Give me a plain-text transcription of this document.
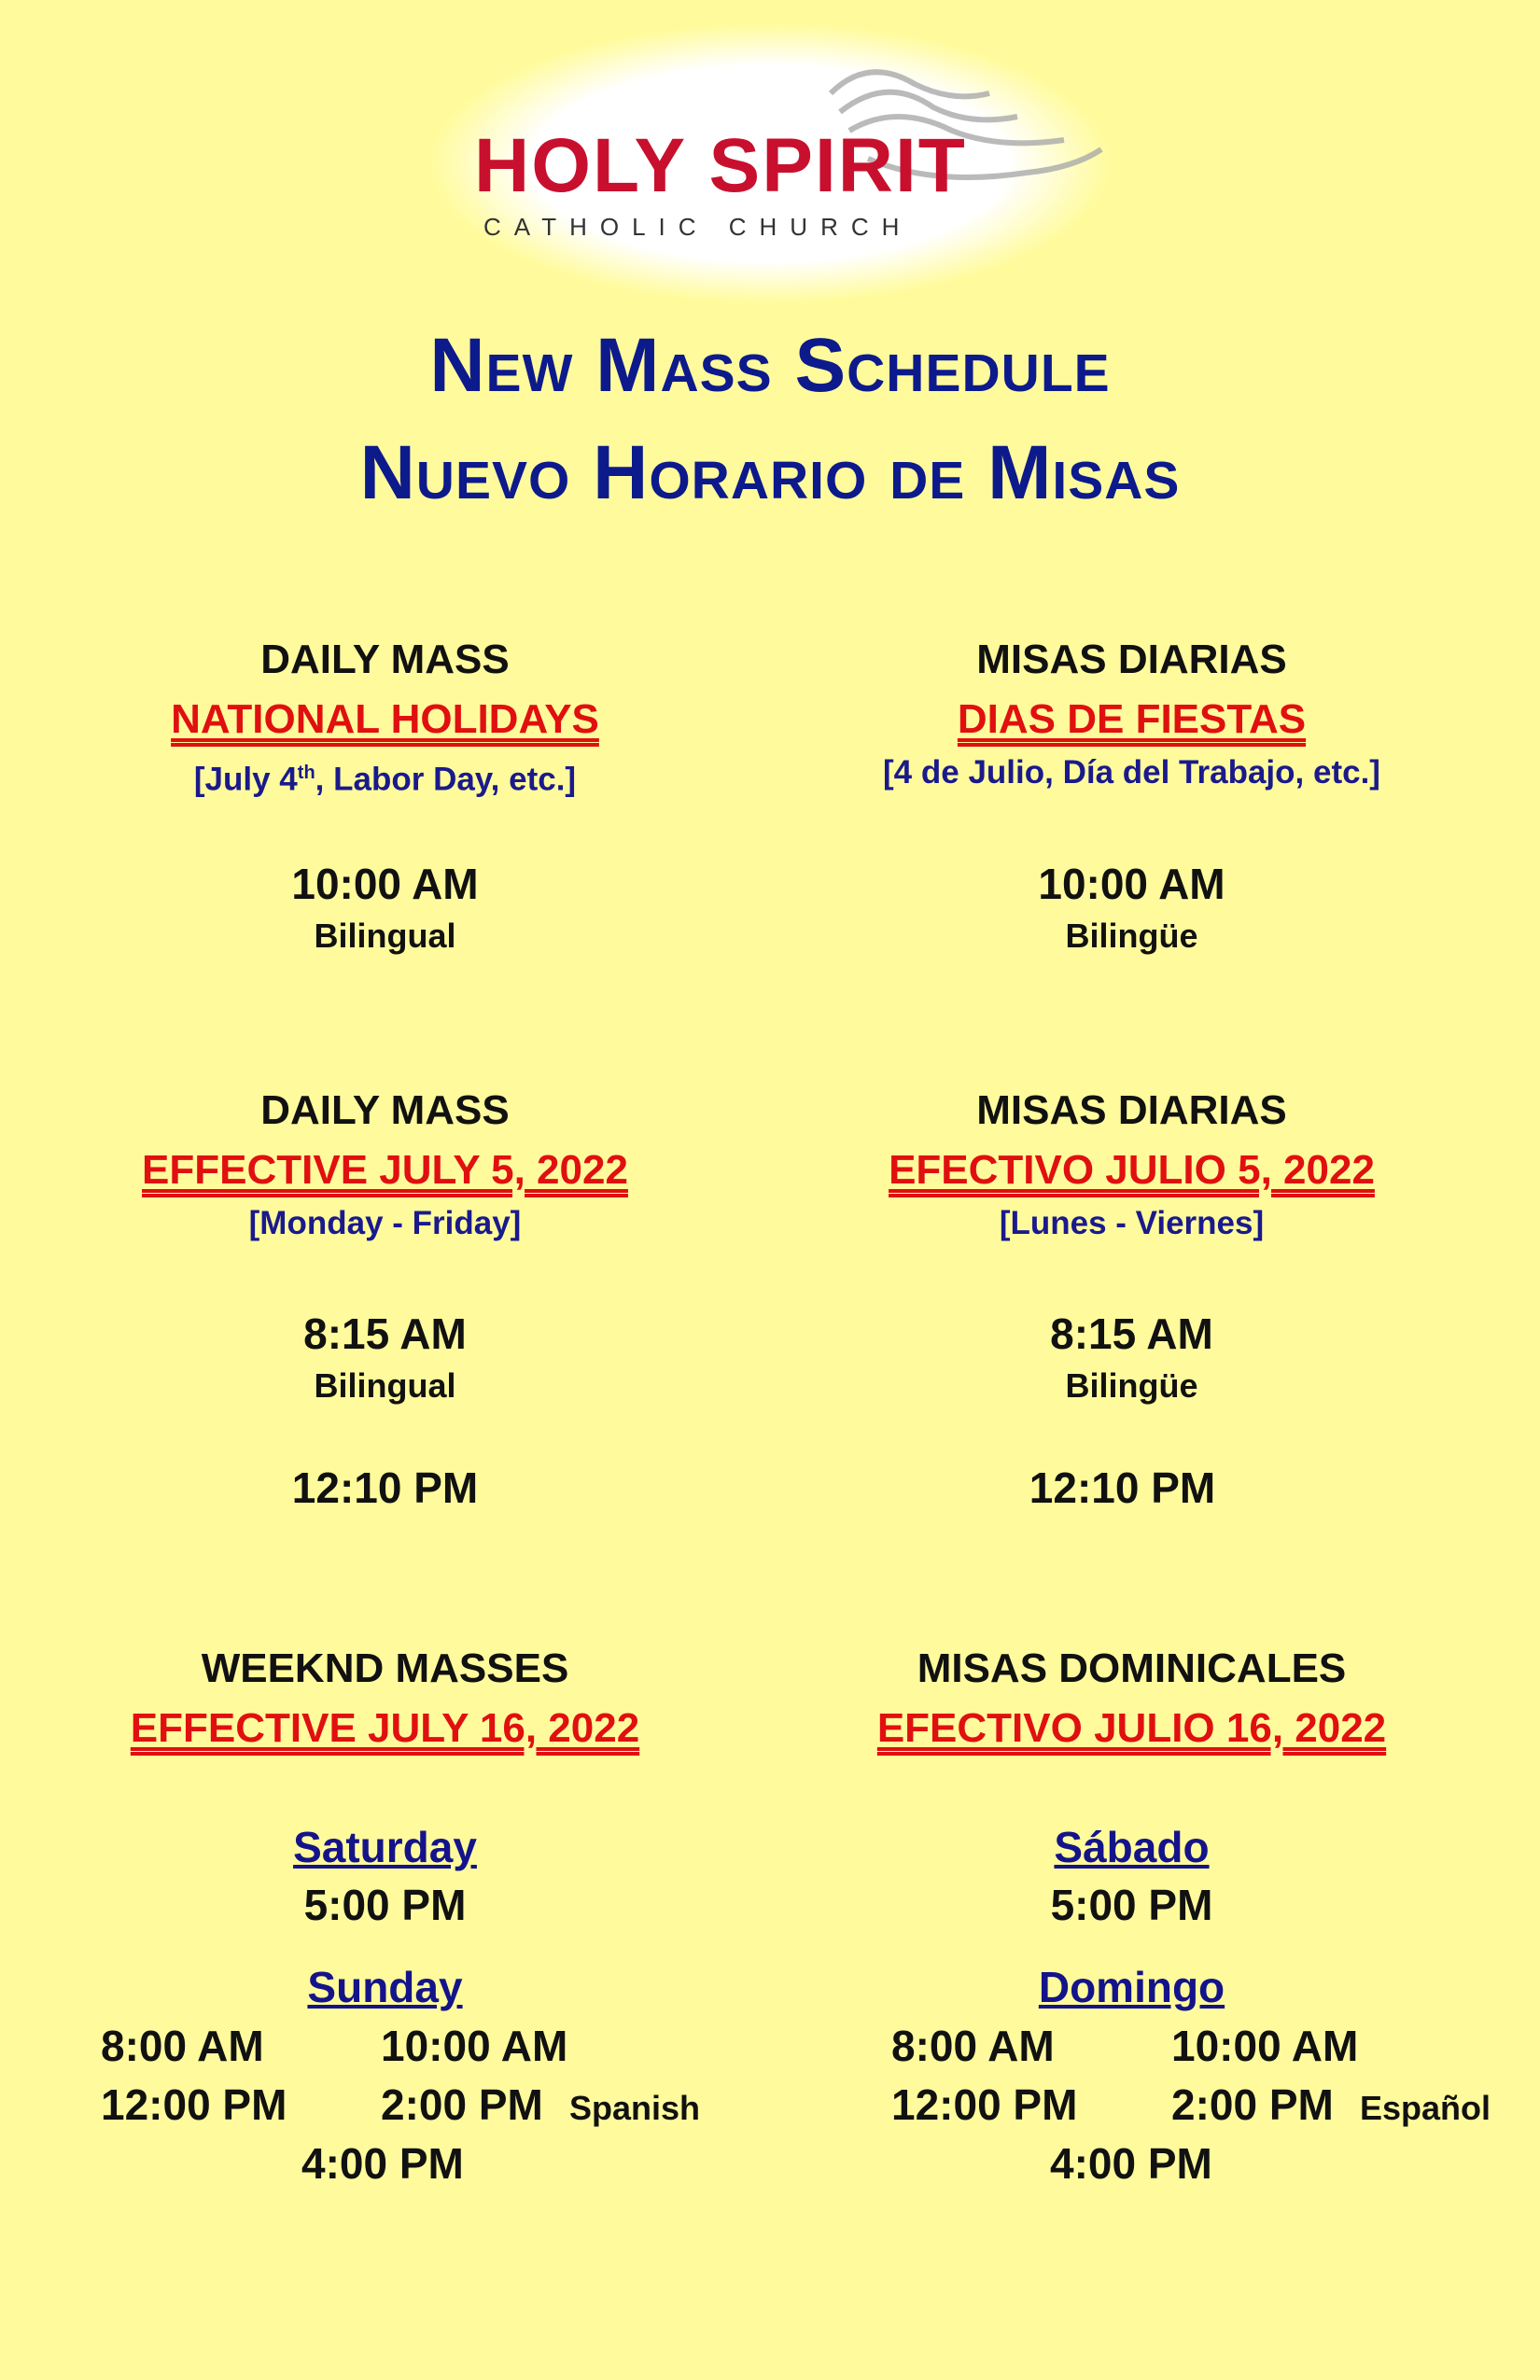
HOLY SPIRIT
CATHOLIC CHURCH
New Mass Schedule
Nuevo Horario de Misas
DAILY MASS
NATIONAL HOLIDAYS
[July 4th, Labor Day, etc.]
10:00 AM
Bilingual
DAILY MASS
EFFECTIVE JULY 5, 2022
[Monday - Friday]
8:15 AM
Bilingual
12:10 PM
WEEKND MASSES
EFFECTIVE JULY 16, 2022
Saturday
5:00 PM
Sunday
8:00 AM	10:00 AM
12:00 PM 2:00 PM Spanish
4:00 PM
MISAS DIARIAS
DIAS DE FIESTAS
[4 de Julio, Día del Trabajo, etc.]
10:00 AM
Bilingüe
MISAS DIARIAS
EFECTIVO JULIO 5, 2022
[Lunes - Viernes]
8:15 AM
Bilingüe
12:10 PM
MISAS DOMINICALES
EFECTIVO JULIO 16, 2022
Sábado
5:00 PM
Domingo
8:00 AM	10:00 AM
12:00 PM 2:00 PM Español
4:00 PM
